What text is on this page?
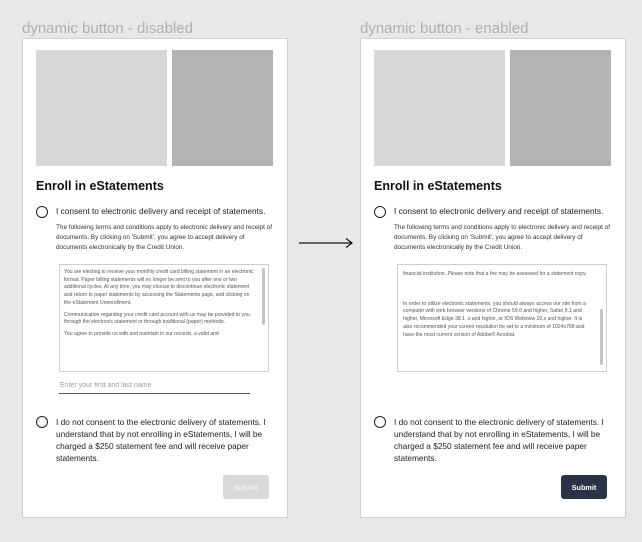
dynamic button - disabled
Enroll in eStatements
I consent to electronic delivery and receipt of statements.
The following terms and conditions apply to electronic delivery and receipt of documents. By clicking on 'Submit', you agree to accept delivery of documents electronically by the Credit Union.

You are electing to receive your monthly credit card billing statement in an electronic format. Paper billing statements will no longer be sent to you after one or two additional cycles. At any time, you may choose to discontinue electronic statement and return to paper statements by accessing the Statements page, and clicking on the eStatement Unenrollment.

Communication regarding your credit card account with us may be provided to you through the electronic statement or through traditional (paper) methods.

You agree to provide us with and maintain in our records, a valid and

Enter your first and last name
I do not consent to the electronic delivery of statements. I understand that by not enrolling in eStatements, I will be charged a $250 statement fee and will receive paper statements.
Submit
dynamic button - enabled
Enroll in eStatements
I consent to electronic delivery and receipt of statements.
The following terms and conditions apply to electronic delivery and receipt of documents. By clicking on 'Submit', you agree to accept delivery of documents electronically by the Credit Union.

financial institution. Please note that a fee may be assessed for a statement copy.

In order to utilize electronic statements, you should always access our site from a computer with web browser versions of Chrome 59.0 and higher, Safari 9.1 and higher, Microsoft Edge 38.1 .x and higher, or IOS Webview 10.x and higher. It is also recommended your screen resolution be set to a minimum of 1024x768 and have the most current version of Adobe® Acrobat.

I do not consent to the electronic delivery of statements. I understand that by not enrolling in eStatements, I will be charged a $250 statement fee and will receive paper statements.
Submit
